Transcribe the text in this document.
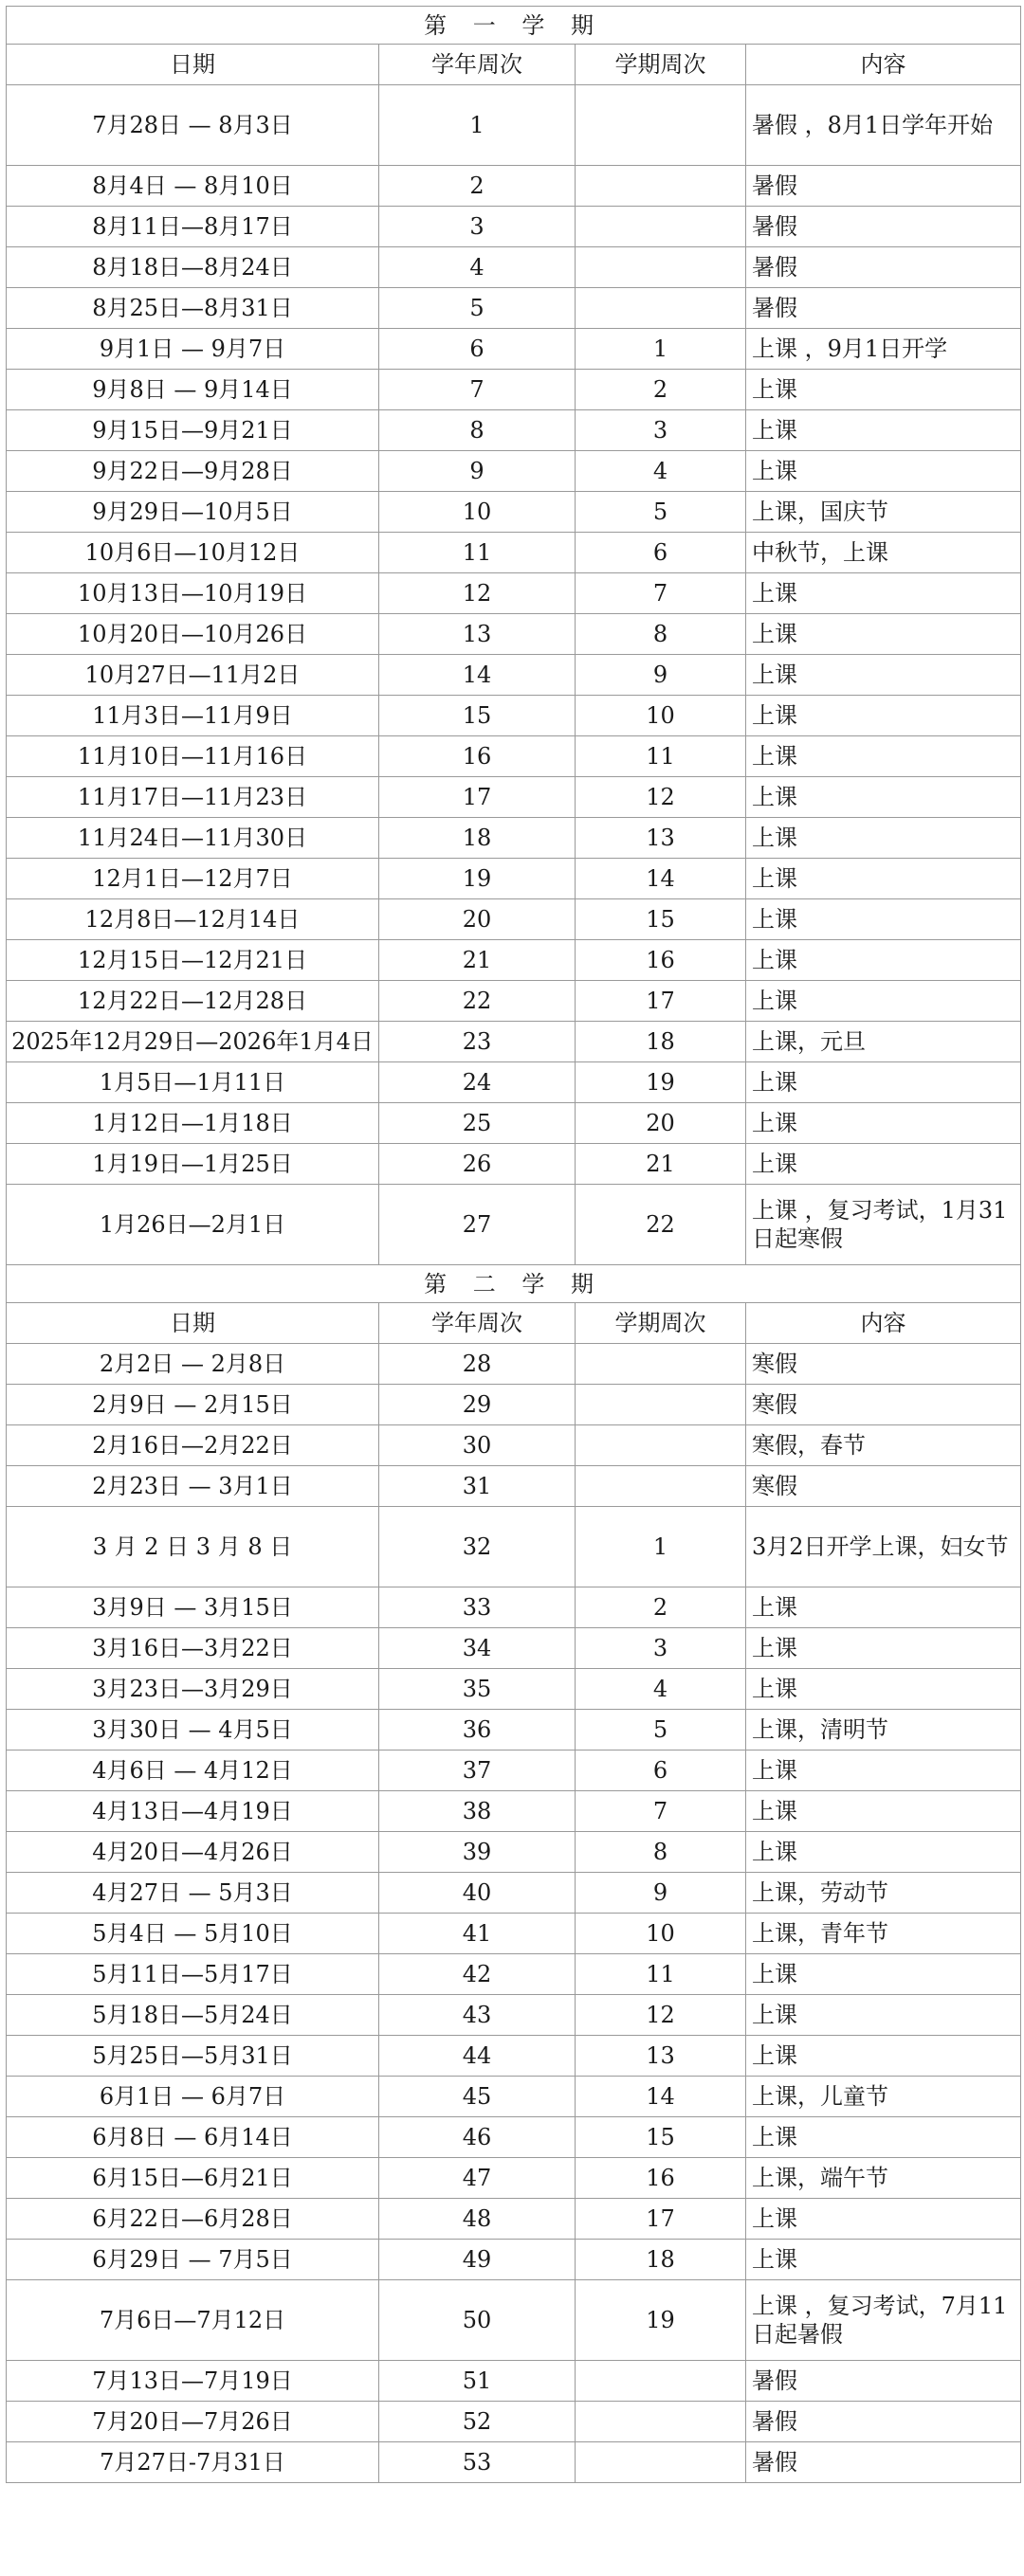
第 一 学 期			
日期	学年周次	学期周次	内容
7月28日 — 8月3日	1		暑假 ，8月1日学年开始
8月4日 — 8月10日	2		暑假
8月11日—8月17日	3		暑假
8月18日—8月24日	4		暑假
8月25日—8月31日	5		暑假
9月1日 — 9月7日	6	1	上课 ，9月1日开学
9月8日 — 9月14日	7	2	上课
9月15日—9月21日	8	3	上课
9月22日—9月28日	9	4	上课
9月29日—10月5日	10	5	上课，国庆节
10月6日—10月12日	11	6	中秋节，上课
10月13日—10月19日	12	7	上课
10月20日—10月26日	13	8	上课
10月27日—11月2日	14	9	上课
11月3日—11月9日	15	10	上课
11月10日—11月16日	16	11	上课
11月17日—11月23日	17	12	上课
11月24日—11月30日	18	13	上课
12月1日—12月7日	19	14	上课
12月8日—12月14日	20	15	上课
12月15日—12月21日	21	16	上课
12月22日—12月28日	22	17	上课
2025年12月29日—2026年1月4日	23	18	上课，元旦
1月5日—1月11日	24	19	上课
1月12日—1月18日	25	20	上课
1月19日—1月25日	26	21	上课
1月26日—2月1日	27	22	上课 ，复习考试，1月31日起寒假
第 二 学 期			
日期	学年周次	学期周次	内容
2月2日 — 2月8日	28		寒假
2月9日 — 2月15日	29		寒假
2月16日—2月22日	30		寒假，春节
2月23日 — 3月1日	31		寒假
3 月 2 日 3 月 8 日	32	1	3月2日开学上课，妇女节
3月9日 — 3月15日	33	2	上课
3月16日—3月22日	34	3	上课
3月23日—3月29日	35	4	上课
3月30日 — 4月5日	36	5	上课，清明节
4月6日 — 4月12日	37	6	上课
4月13日—4月19日	38	7	上课
4月20日—4月26日	39	8	上课
4月27日 — 5月3日	40	9	上课，劳动节
5月4日 — 5月10日	41	10	上课，青年节
5月11日—5月17日	42	11	上课
5月18日—5月24日	43	12	上课
5月25日—5月31日	44	13	上课
6月1日 — 6月7日	45	14	上课，儿童节
6月8日 — 6月14日	46	15	上课
6月15日—6月21日	47	16	上课，端午节
6月22日—6月28日	48	17	上课
6月29日 — 7月5日	49	18	上课
7月6日—7月12日	50	19	上课 ，复习考试，7月11日起暑假
7月13日—7月19日	51		暑假
7月20日—7月26日	52		暑假
7月27日-7月31日	53		暑假
